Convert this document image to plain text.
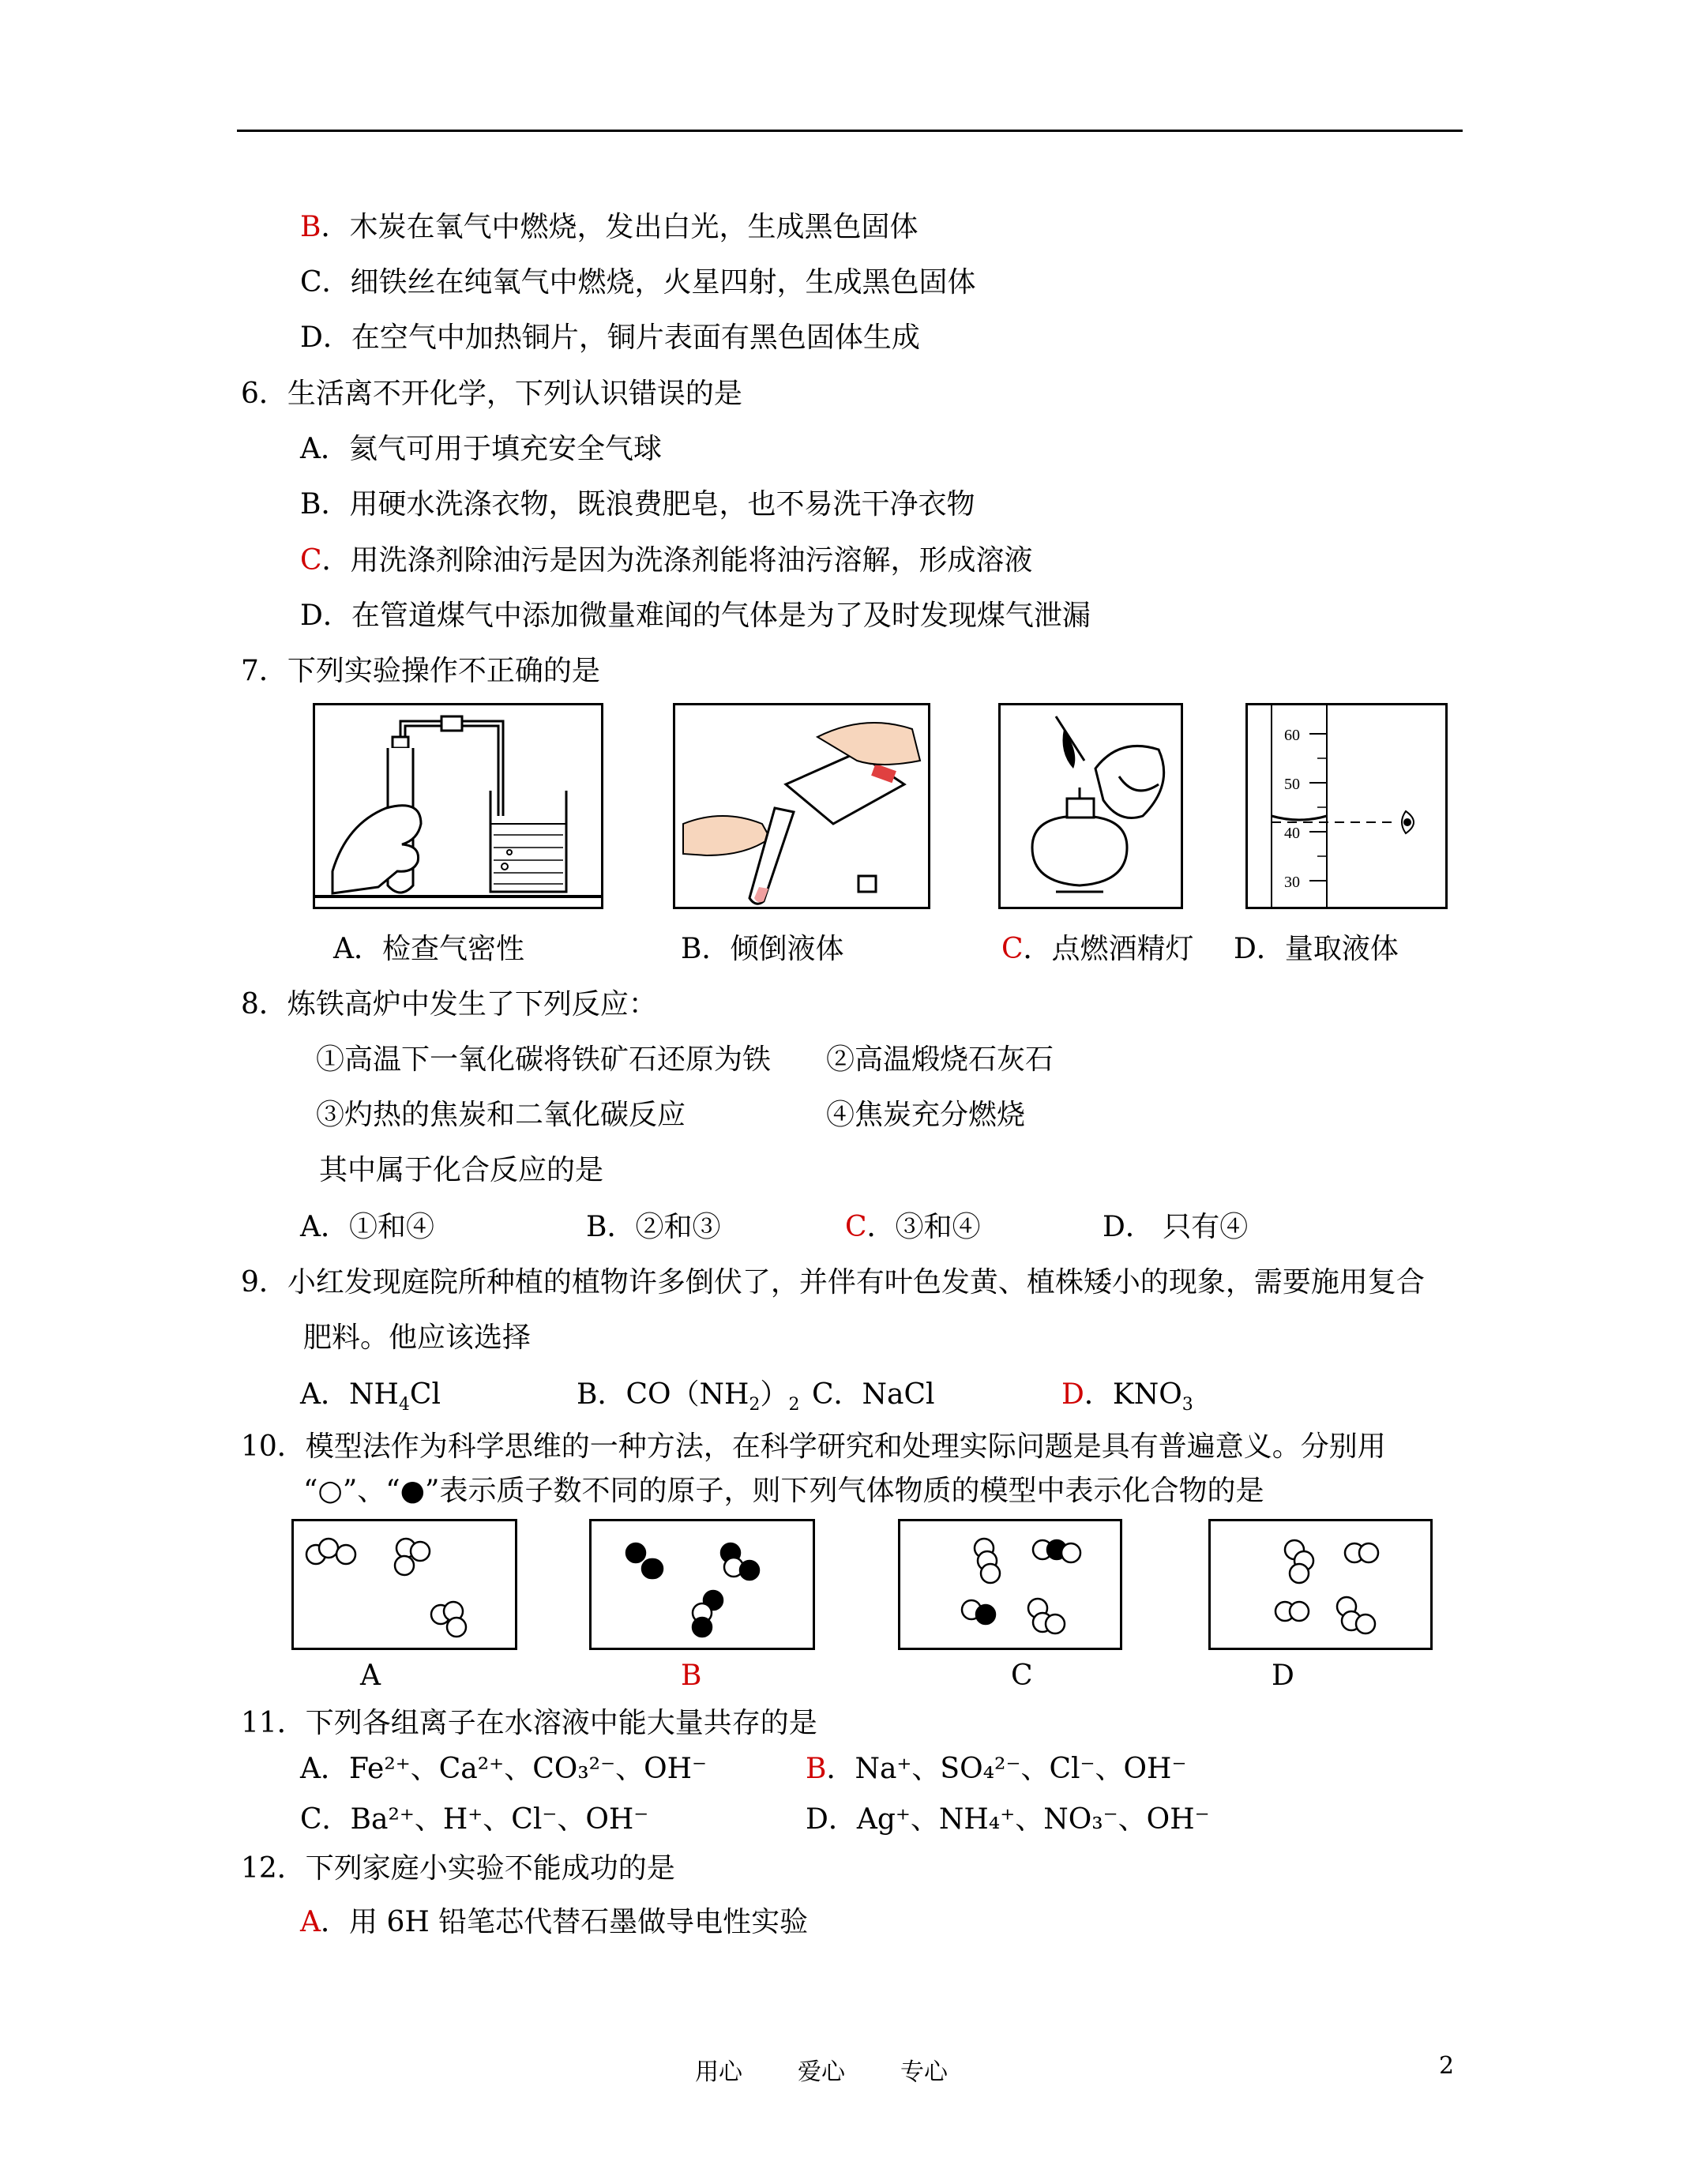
B．木炭在氧气中燃烧，发出白光，生成黑色固体
C．细铁丝在纯氧气中燃烧，火星四射，生成黑色固体
D．在空气中加热铜片，铜片表面有黑色固体生成
6．生活离不开化学，下列认识错误的是
A．氦气可用于填充安全气球
B．用硬水洗涤衣物，既浪费肥皂，也不易洗干净衣物
C．用洗涤剂除油污是因为洗涤剂能将油污溶解，形成溶液
D．在管道煤气中添加微量难闻的气体是为了及时发现煤气泄漏
7．下列实验操作不正确的是
60
50
40
30
A．检查气密性	B．倾倒液体	C．点燃酒精灯 D．量取液体
8．炼铁高炉中发生了下列反应：
①高温下一氧化碳将铁矿石还原为铁 ②高温煅烧石灰石
③灼热的焦炭和二氧化碳反应	④焦炭充分燃烧
其中属于化合反应的是
A．①和④	B．②和③	C．③和④	D． 只有④
9．小红发现庭院所种植的植物许多倒伏了，并伴有叶色发黄、植株矮小的现象，需要施用复合
肥料。他应该选择
A．$NH_4Cl$	B．$CO(NH_2)_2$ C．NaCl	D．$KNO_3$
10．模型法作为科学思维的一种方法，在科学研究和处理实际问题是具有普遍意义。分别用
“○”、“●”表示质子数不同的原子，则下列气体物质的模型中表示化合物的是
A	B	C	D
11．下列各组离子在水溶液中能大量共存的是
A．Fe²⁺、Ca²⁺、CO₃²⁻、OH⁻	B．Na⁺、SO₄²⁻、Cl⁻、OH⁻
C．Ba²⁺、H⁺、Cl⁻、OH⁻	D．Ag⁺、NH₄⁺、NO₃⁻、OH⁻
12．下列家庭小实验不能成功的是
A．用 6H 铅笔芯代替石墨做导电性实验
用心 爱心 专心	2
